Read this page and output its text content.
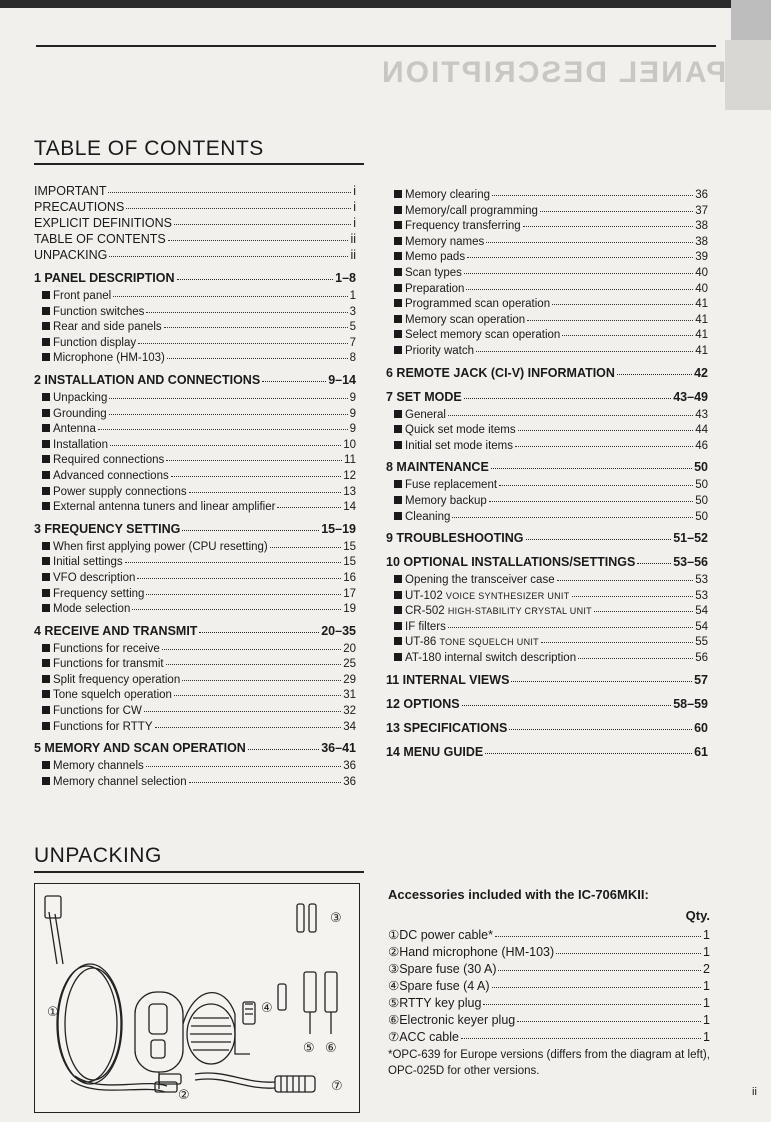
PANEL DESCRIPTION
TABLE OF CONTENTS
IMPORTANT	i
PRECAUTIONS	i
EXPLICIT DEFINITIONS	i
TABLE OF CONTENTS	ii
UNPACKING	ii
1 PANEL DESCRIPTION	1–8
Front panel	1
Function switches	3
Rear and side panels	5
Function display	7
Microphone (HM-103)	8
2 INSTALLATION AND CONNECTIONS	9–14
Unpacking	9
Grounding	9
Antenna	9
Installation	10
Required connections	11
Advanced connections	12
Power supply connections	13
External antenna tuners and linear amplifier	14
3 FREQUENCY SETTING	15–19
When first applying power (CPU resetting)	15
Initial settings	15
VFO description	16
Frequency setting	17
Mode selection	19
4 RECEIVE AND TRANSMIT	20–35
Functions for receive	20
Functions for transmit	25
Split frequency operation	29
Tone squelch operation	31
Functions for CW	32
Functions for RTTY	34
5 MEMORY AND SCAN OPERATION	36–41
Memory channels	36
Memory channel selection	36
Memory clearing	36
Memory/call programming	37
Frequency transferring	38
Memory names	38
Memo pads	39
Scan types	40
Preparation	40
Programmed scan operation	41
Memory scan operation	41
Select memory scan operation	41
Priority watch	41
6 REMOTE JACK (CI-V) INFORMATION	42
7 SET MODE	43–49
General	43
Quick set mode items	44
Initial set mode items	46
8 MAINTENANCE	50
Fuse replacement	50
Memory backup	50
Cleaning	50
9 TROUBLESHOOTING	51–52
10 OPTIONAL INSTALLATIONS/SETTINGS	53–56
Opening the transceiver case	53
UT-102 VOICE SYNTHESIZER UNIT	53
CR-502 HIGH-STABILITY CRYSTAL UNIT	54
IF filters	54
UT-86 TONE SQUELCH UNIT	55
AT-180 internal switch description	56
11 INTERNAL VIEWS	57
12 OPTIONS	58–59
13 SPECIFICATIONS	60
14 MENU GUIDE	61
UNPACKING
①
②
③
④
⑤ ⑥
⑦
Accessories included with the IC-706MKII:
Qty.
①DC power cable*	1
②Hand microphone (HM-103)	1
③Spare fuse (30 A)	2
④Spare fuse (4 A)	1
⑤RTTY key plug	1
⑥Electronic keyer plug	1
⑦ACC cable	1
*OPC-639 for Europe versions (differs from the diagram at left), OPC-025D for other versions.
ii
